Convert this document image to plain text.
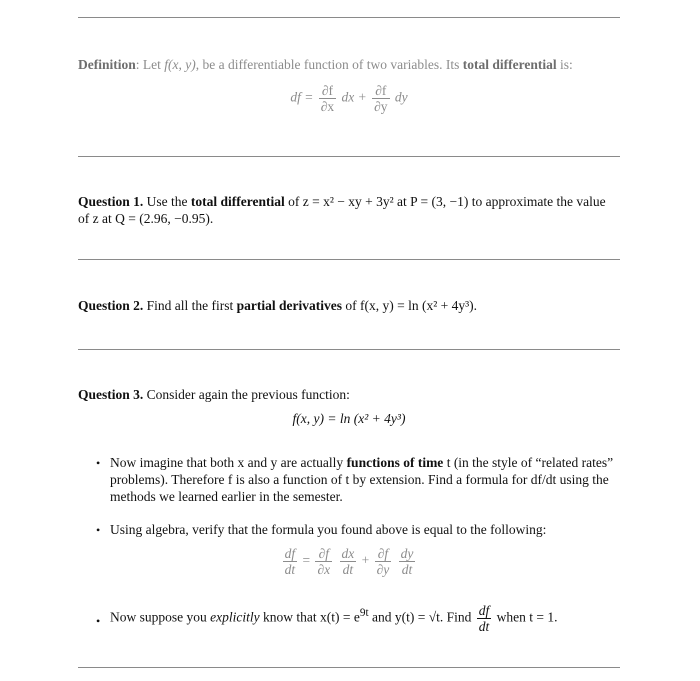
Definition: Let f(x, y), be a differentiable function of two variables. Its total differential is:
df = $\frac{\partial f}{\partial x}$ dx + $\frac{\partial f}{\partial y}$ dy
Question 1. Use the total differential of z = x² − xy + 3y² at P = (3, −1) to approximate the value of z at Q = (2.96, −0.95).
Question 2. Find all the first partial derivatives of f(x, y) = ln (x² + 4y³).
Question 3. Consider again the previous function:
f(x, y) = ln (x² + 4y³)
• Now imagine that both x and y are actually functions of time t (in the style of “related rates” problems). Therefore f is also a function of t by extension. Find a formula for df/dt using the methods we learned earlier in the semester.
• Using algebra, verify that the formula you found above is equal to the following:
$\frac{df}{dt} = \frac{\partial f}{\partial x}$
$\frac{dx}{dt} + \frac{\partial f}{\partial y}$
$\frac{dy}{dt}$
• Now suppose you explicitly know that $x(t) = e^{9t}$ and y(t) = √t. Find $\frac{df}{dt}$ when t = 1.
